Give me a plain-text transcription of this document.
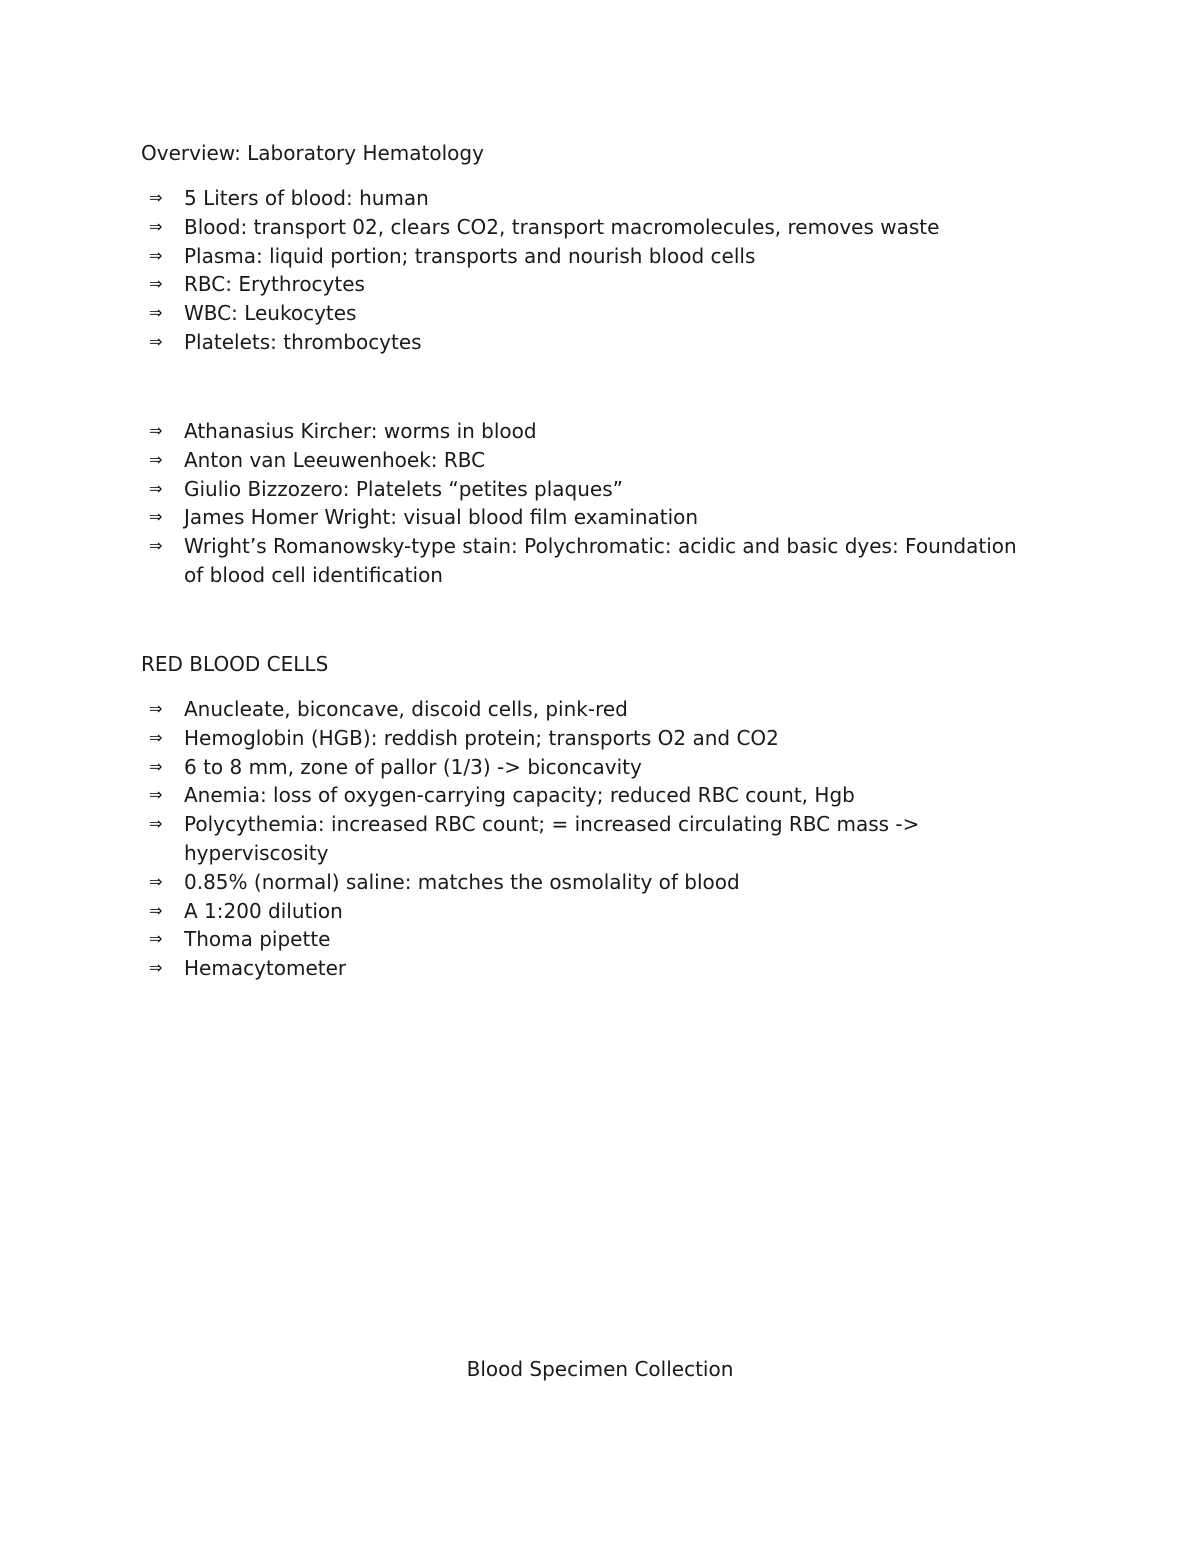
Overview: Laboratory Hematology
⇒	5 Liters of blood: human
⇒	Blood: transport 02, clears CO2, transport macromolecules, removes waste
⇒	Plasma: liquid portion; transports and nourish blood cells
⇒	RBC: Erythrocytes
⇒	WBC: Leukocytes
⇒	Platelets: thrombocytes
⇒	Athanasius Kircher: worms in blood
⇒	Anton van Leeuwenhoek: RBC
⇒	Giulio Bizzozero: Platelets “petites plaques”
⇒	James Homer Wright: visual blood film examination
⇒	Wright’s Romanowsky-type stain: Polychromatic: acidic and basic dyes: Foundation of blood cell identification
RED BLOOD CELLS
⇒	Anucleate, biconcave, discoid cells, pink-red
⇒	Hemoglobin (HGB): reddish protein; transports O2 and CO2
⇒	6 to 8 mm, zone of pallor (1/3) -> biconcavity
⇒	Anemia: loss of oxygen-carrying capacity; reduced RBC count, Hgb
⇒	Polycythemia: increased RBC count; = increased circulating RBC mass -> hyperviscosity
⇒	0.85% (normal) saline: matches the osmolality of blood
⇒	A 1:200 dilution
⇒	Thoma pipette
⇒	Hemacytometer
Blood Specimen Collection
